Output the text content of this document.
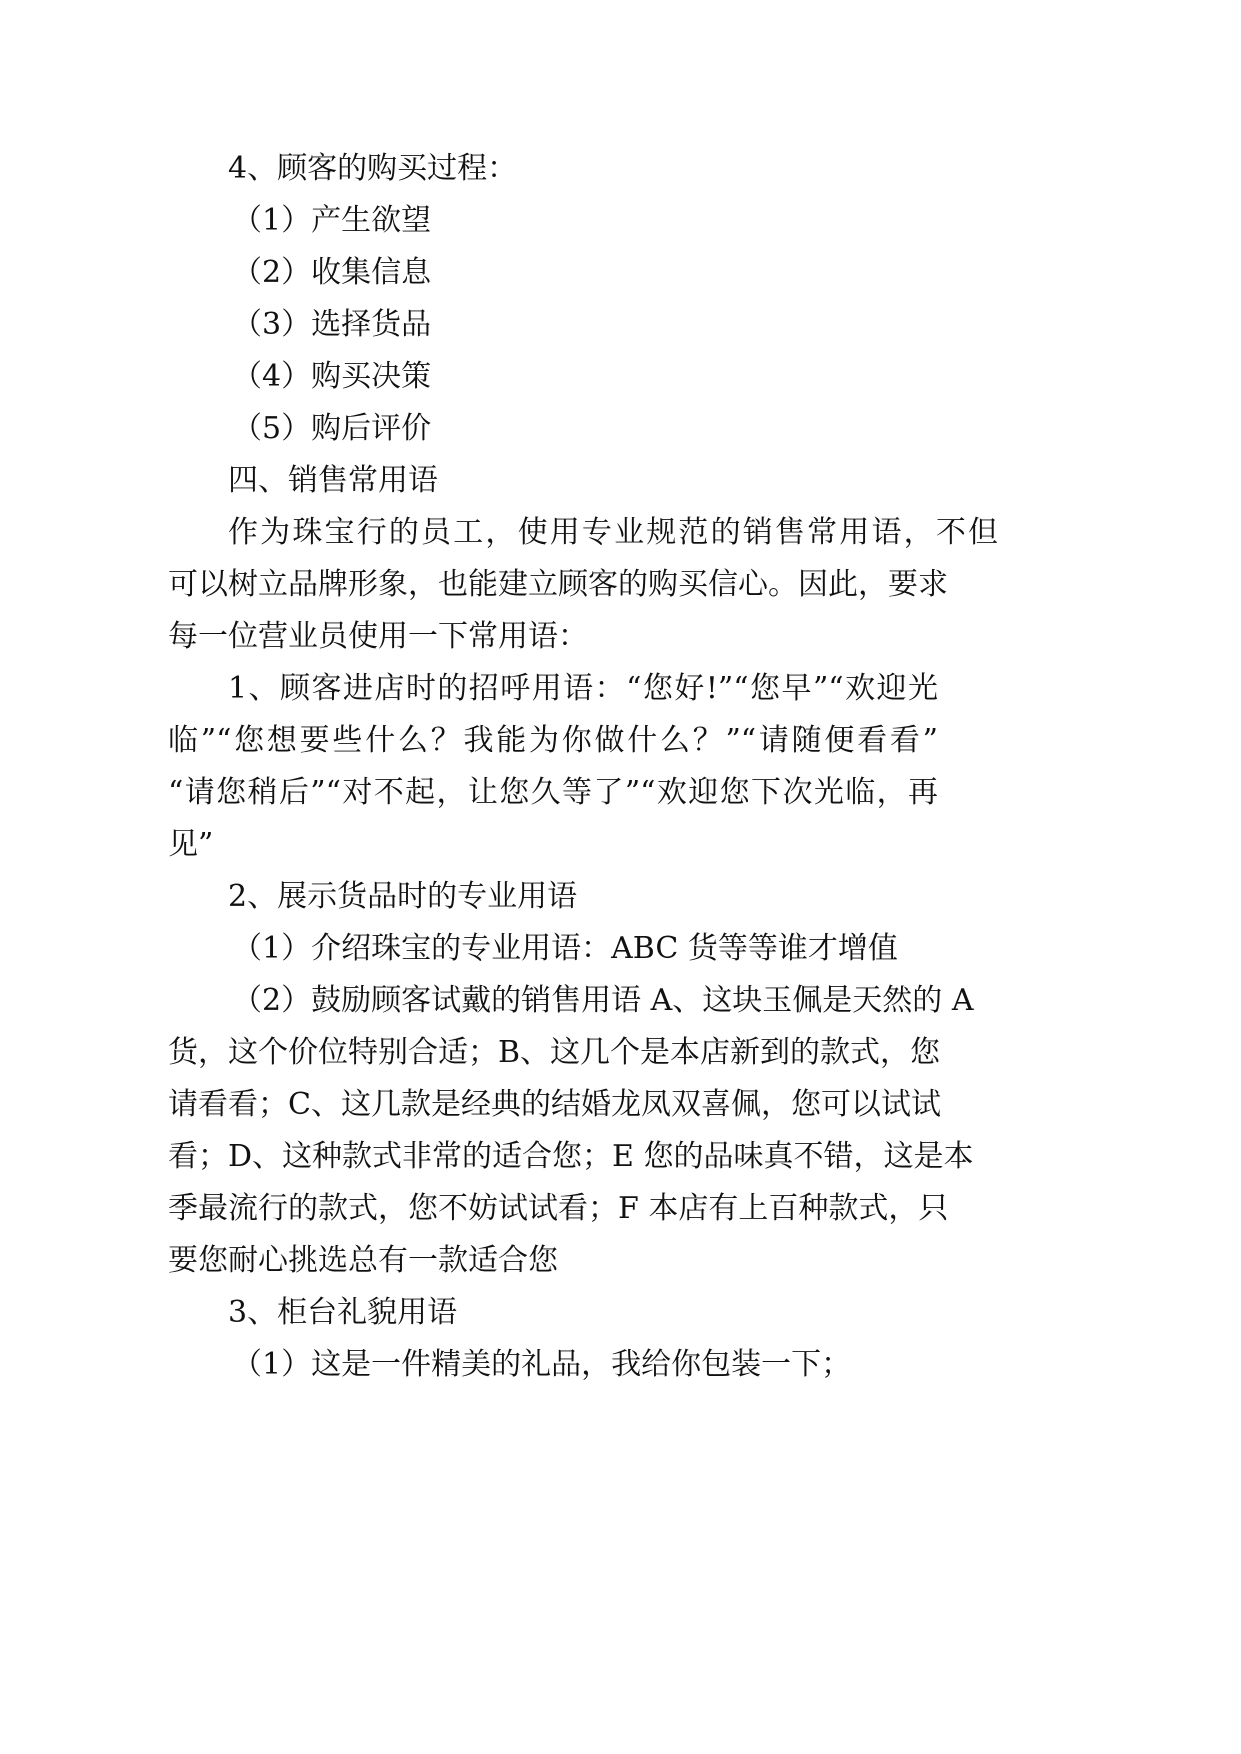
4、顾客的购买过程：
（1）产生欲望
（2）收集信息
（3）选择货品
（4）购买决策
（5）购后评价
四、销售常用语
作为珠宝行的员工，使用专业规范的销售常用语，不但
可以树立品牌形象，也能建立顾客的购买信心。因此，要求
每一位营业员使用一下常用语：
1、顾客进店时的招呼用语：“您好!”“您早”“欢迎光
临”“您想要些什么？我能为你做什么？”“请随便看看”
“请您稍后”“对不起，让您久等了”“欢迎您下次光临，再
见”
2、展示货品时的专业用语
（1）介绍珠宝的专业用语：ABC 货等等谁才增值
（2）鼓励顾客试戴的销售用语 A、这块玉佩是天然的 A
货，这个价位特别合适；B、这几个是本店新到的款式，您
请看看；C、这几款是经典的结婚龙凤双喜佩，您可以试试
看；D、这种款式非常的适合您；E 您的品味真不错，这是本
季最流行的款式，您不妨试试看；F 本店有上百种款式，只
要您耐心挑选总有一款适合您
3、柜台礼貌用语
（1）这是一件精美的礼品，我给你包装一下；
